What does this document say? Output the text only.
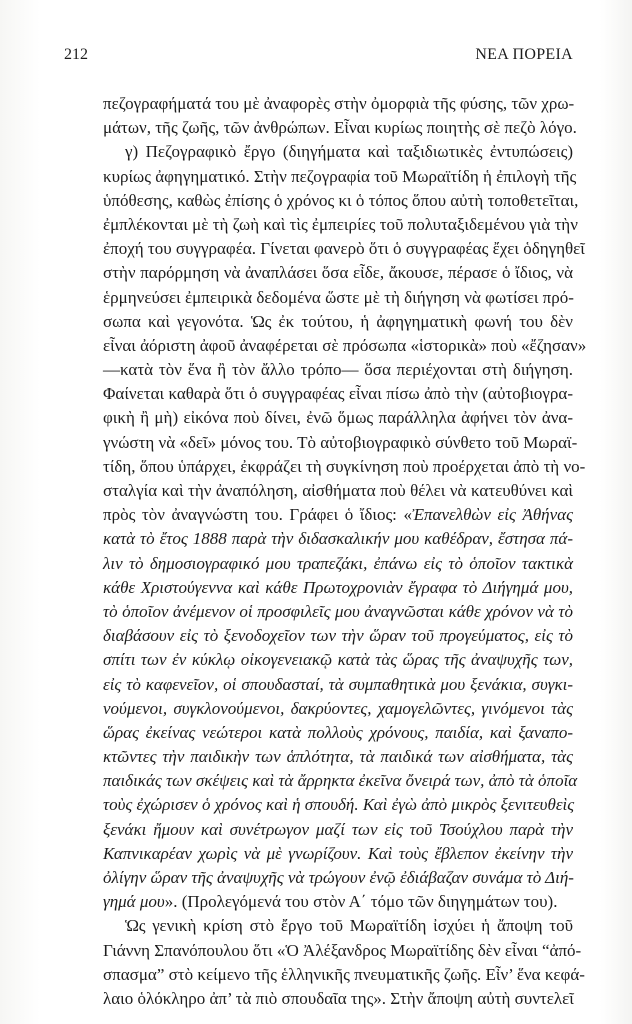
212	ΝΕΑ ΠΟΡΕΙΑ
πεζογραφήματά του μὲ ἀναφορὲς στὴν ὀμορφιὰ τῆς φύσης, τῶν χρω-
μάτων, τῆς ζωῆς, τῶν ἀνθρώπων. Εἶναι κυρίως ποιητὴς σὲ πεζὸ λόγο.
γ) Πεζογραφικὸ ἔργο (διηγήματα καὶ ταξιδιωτικὲς ἐντυπώσεις)
κυρίως ἀφηγηματικό. Στὴν πεζογραφία τοῦ Μωραϊτίδη ἡ ἐπιλογὴ τῆς
ὑπόθεσης, καθὼς ἐπίσης ὁ χρόνος κι ὁ τόπος ὅπου αὐτὴ τοποθετεῖται,
ἐμπλέκονται μὲ τὴ ζωὴ καὶ τὶς ἐμπειρίες τοῦ πολυταξιδεμένου γιὰ τὴν
ἐποχή του συγγραφέα. Γίνεται φανερὸ ὅτι ὁ συγγραφέας ἔχει ὁδηγηθεῖ
στὴν παρόρμηση νὰ ἀναπλάσει ὅσα εἶδε, ἄκουσε, πέρασε ὁ ἴδιος, νὰ
ἑρμηνεύσει ἐμπειρικὰ δεδομένα ὥστε μὲ τὴ διήγηση νὰ φωτίσει πρό-
σωπα καὶ γεγονότα. Ὡς ἐκ τούτου, ἡ ἀφηγηματικὴ φωνή του δὲν
εἶναι ἀόριστη ἀφοῦ ἀναφέρεται σὲ πρόσωπα «ἱστορικὰ» ποὺ «ἔζησαν»
—κατὰ τὸν ἕνα ἢ τὸν ἄλλο τρόπο— ὅσα περιέχονται στὴ διήγηση.
Φαίνεται καθαρὰ ὅτι ὁ συγγραφέας εἶναι πίσω ἀπὸ τὴν (αὐτοβιογρα-
φικὴ ἢ μὴ) εἰκόνα ποὺ δίνει, ἐνῶ ὅμως παράλληλα ἀφήνει τὸν ἀνα-
γνώστη νὰ «δεῖ» μόνος του. Τὸ αὐτοβιογραφικὸ σύνθετο τοῦ Μωραϊ-
τίδη, ὅπου ὑπάρχει, ἐκφράζει τὴ συγκίνηση ποὺ προέρχεται ἀπὸ τὴ νο-
σταλγία καὶ τὴν ἀναπόληση, αἰσθήματα ποὺ θέλει νὰ κατευθύνει καὶ
πρὸς τὸν ἀναγνώστη του. Γράφει ὁ ἴδιος: «Ἐπανελθὼν εἰς Ἀθήνας
κατὰ τὸ ἔτος 1888 παρὰ τὴν διδασκαλικήν μου καθέδραν, ἔστησα πά-
λιν τὸ δημοσιογραφικό μου τραπεζάκι, ἐπάνω εἰς τὸ ὁποῖον τακτικὰ
κάθε Χριστούγεννα καὶ κάθε Πρωτοχρονιὰν ἔγραφα τὸ Διήγημά μου,
τὸ ὁποῖον ἀνέμενον οἱ προσφιλεῖς μου ἀναγνῶσται κάθε χρόνον νὰ τὸ
διαβάσουν εἰς τὸ ξενοδοχεῖον των τὴν ὥραν τοῦ προγεύματος, εἰς τὸ
σπίτι των ἐν κύκλῳ οἰκογενειακῷ κατὰ τὰς ὥρας τῆς ἀναψυχῆς των,
εἰς τὸ καφενεῖον, οἱ σπουδασταί, τὰ συμπαθητικὰ μου ξενάκια, συγκι-
νούμενοι, συγκλονούμενοι, δακρύοντες, χαμογελῶντες, γινόμενοι τὰς
ὥρας ἐκείνας νεώτεροι κατὰ πολλοὺς χρόνους, παιδία, καὶ ξαναπο-
κτῶντες τὴν παιδικὴν των ἁπλότητα, τὰ παιδικά των αἰσθήματα, τὰς
παιδικάς των σκέψεις καὶ τὰ ἄρρηκτα ἐκεῖνα ὄνειρά των, ἀπὸ τὰ ὁποῖα
τοὺς ἐχώρισεν ὁ χρόνος καὶ ἡ σπουδή. Καὶ ἐγὼ ἀπὸ μικρὸς ξενιτευθεὶς
ξενάκι ἤμουν καὶ συνέτρωγον μαζί των εἰς τοῦ Τσούχλου παρὰ τὴν
Καπνικαρέαν χωρὶς νὰ μὲ γνωρίζουν. Καὶ τοὺς ἔβλεπον ἐκείνην τὴν
ὀλίγην ὥραν τῆς ἀναψυχῆς νὰ τρώγουν ἐνῷ ἐδιάβαζαν συνάμα τὸ Διή-
γημά μου». (Προλεγόμενά του στὸν Α΄ τόμο τῶν διηγημάτων του).
Ὡς γενικὴ κρίση στὸ ἔργο τοῦ Μωραϊτίδη ἰσχύει ἡ ἄποψη τοῦ
Γιάννη Σπανόπουλου ὅτι «Ὁ Ἀλέξανδρος Μωραϊτίδης δὲν εἶναι “ἀπό-
σπασμα” στὸ κείμενο τῆς ἑλληνικῆς πνευματικῆς ζωῆς. Εἶν’ ἕνα κεφά-
λαιο ὁλόκληρο ἀπ’ τὰ πιὸ σπουδαῖα της». Στὴν ἄποψη αὐτὴ συντελεῖ
